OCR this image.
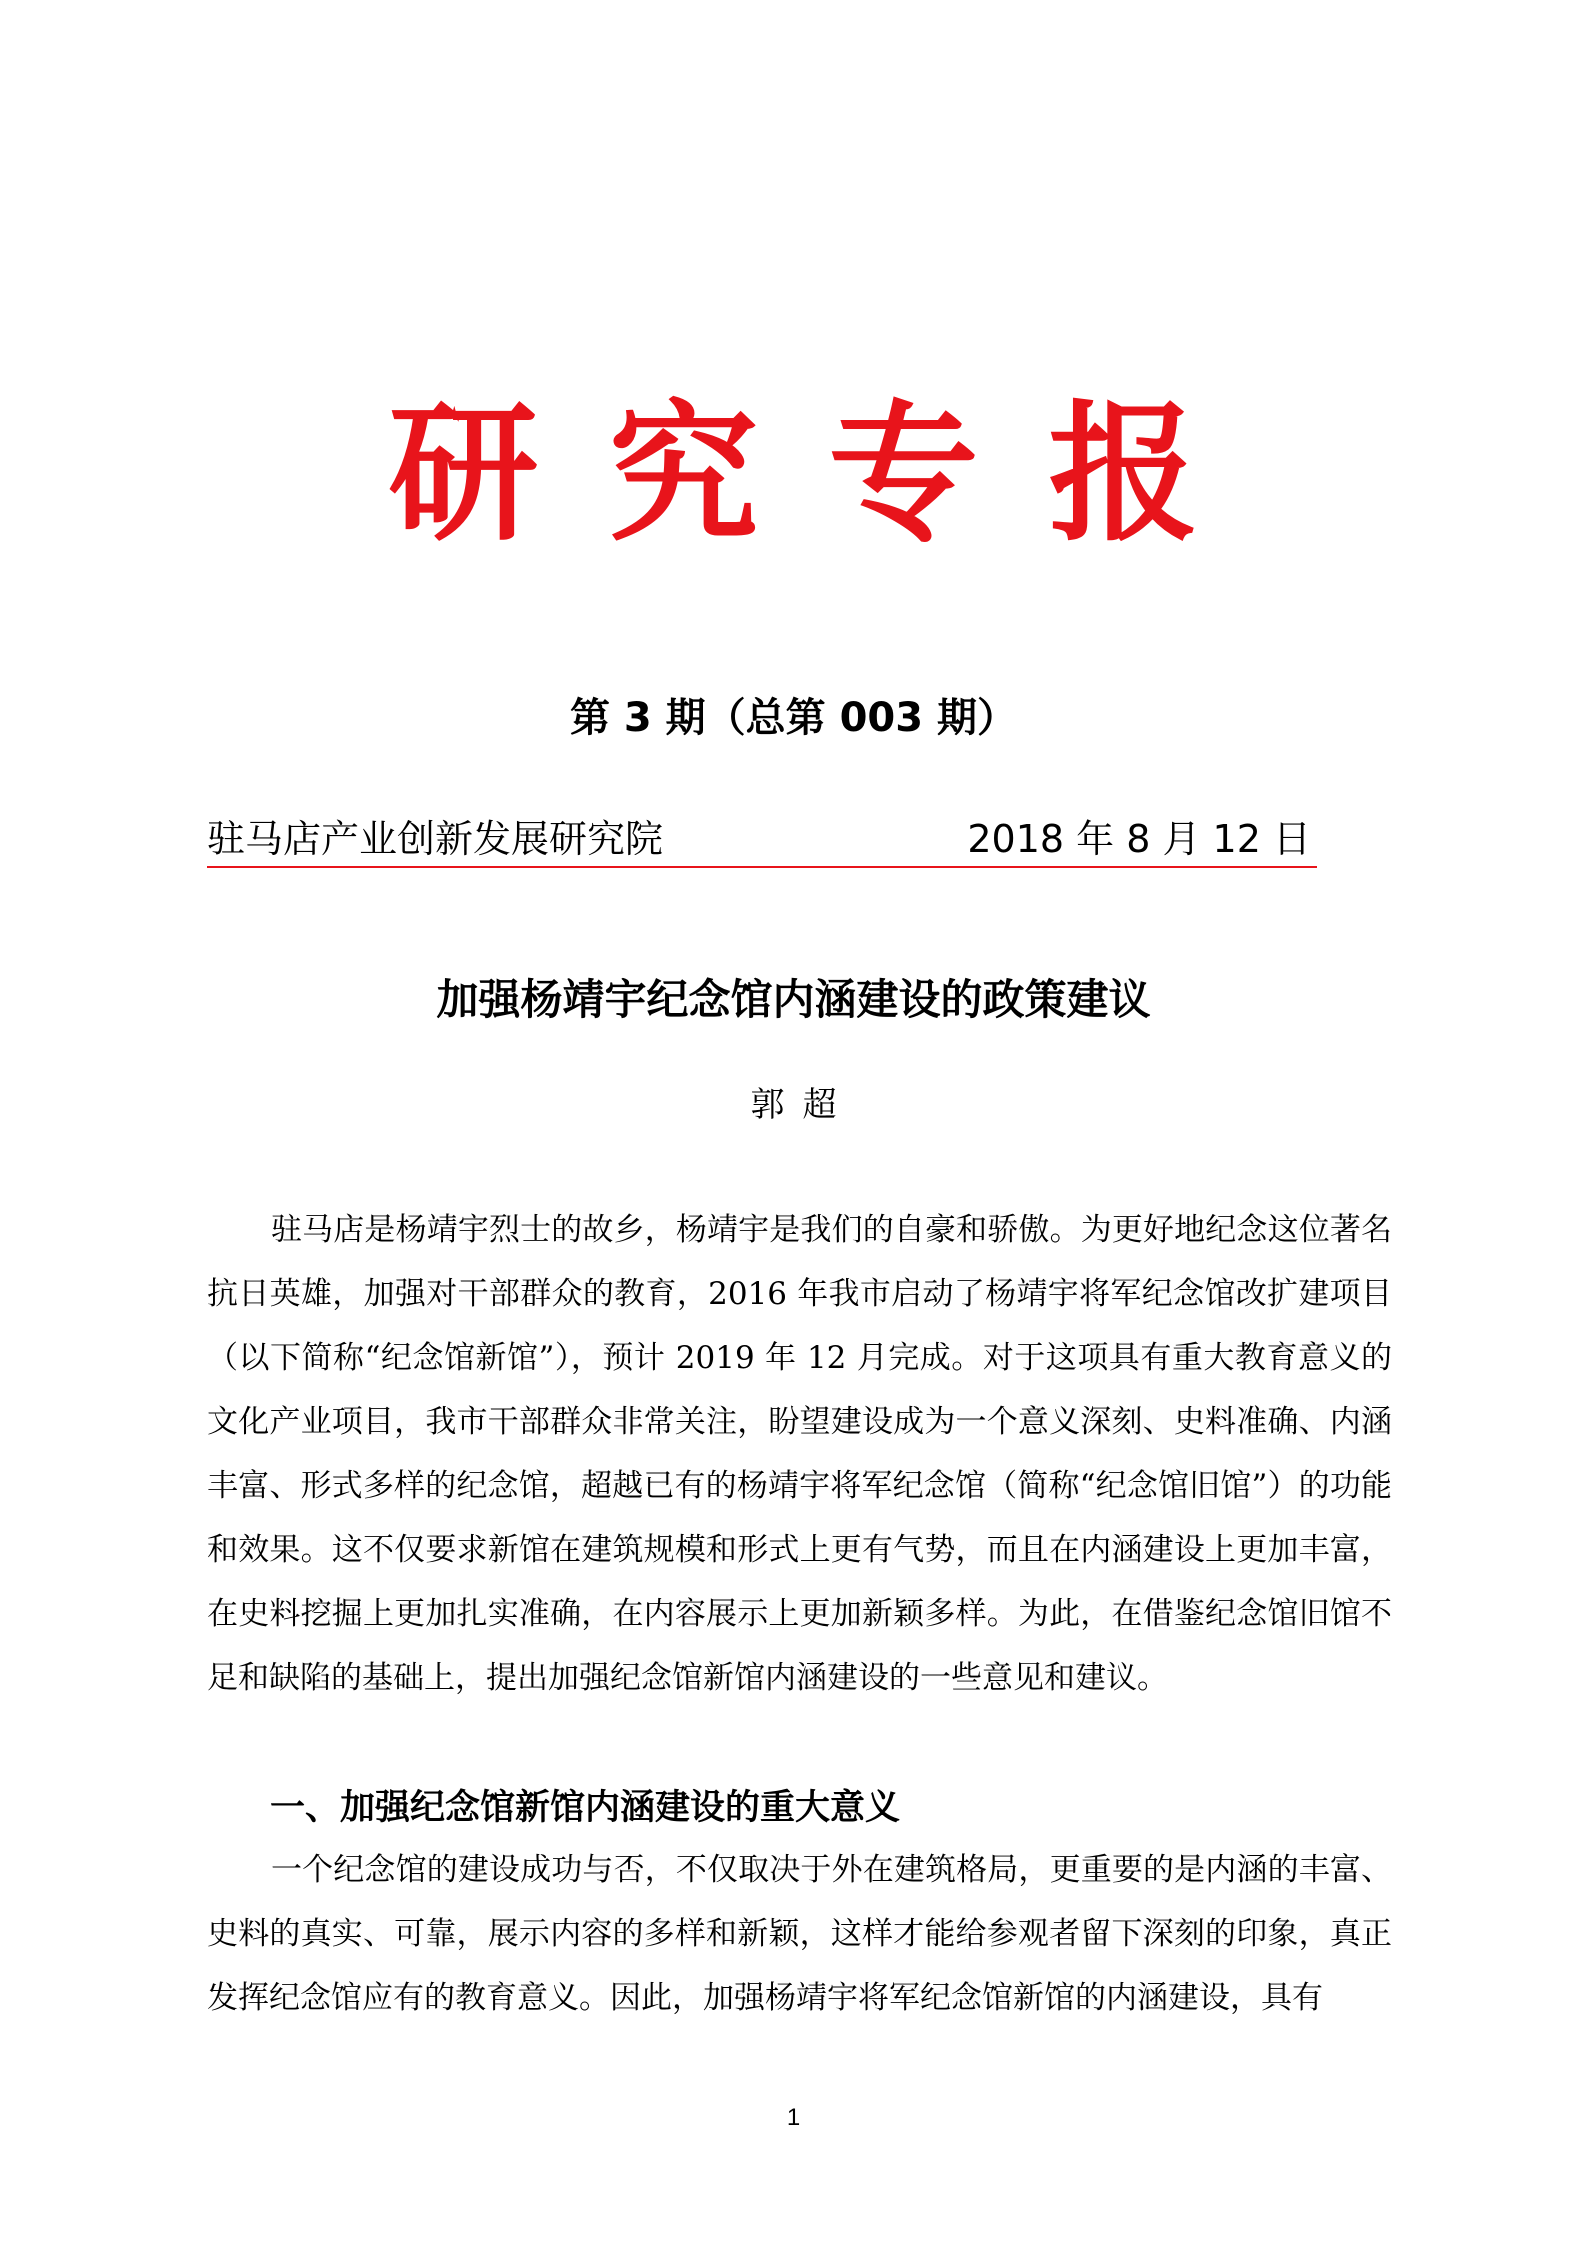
研究专报
第 3 期（总第 003 期）
驻马店产业创新发展研究院	2018 年 8 月 12 日
加强杨靖宇纪念馆内涵建设的政策建议
郭超

驻马店是杨靖宇烈士的故乡，杨靖宇是我们的自豪和骄傲。为更好地纪念这位著名抗日英雄，加强对干部群众的教育，2016 年我市启动了杨靖宇将军纪念馆改扩建项目（以下简称“纪念馆新馆”），预计 2019 年 12 月完成。对于这项具有重大教育意义的文化产业项目，我市干部群众非常关注，盼望建设成为一个意义深刻、史料准确、内涵丰富、形式多样的纪念馆，超越已有的杨靖宇将军纪念馆（简称“纪念馆旧馆”）的功能和效果。这不仅要求新馆在建筑规模和形式上更有气势，而且在内涵建设上更加丰富，在史料挖掘上更加扎实准确，在内容展示上更加新颖多样。为此，在借鉴纪念馆旧馆不足和缺陷的基础上，提出加强纪念馆新馆内涵建设的一些意见和建议。

一、加强纪念馆新馆内涵建设的重大意义

一个纪念馆的建设成功与否，不仅取决于外在建筑格局，更重要的是内涵的丰富、史料的真实、可靠，展示内容的多样和新颖，这样才能给参观者留下深刻的印象，真正发挥纪念馆应有的教育意义。因此，加强杨靖宇将军纪念馆新馆的内涵建设，具有

1
